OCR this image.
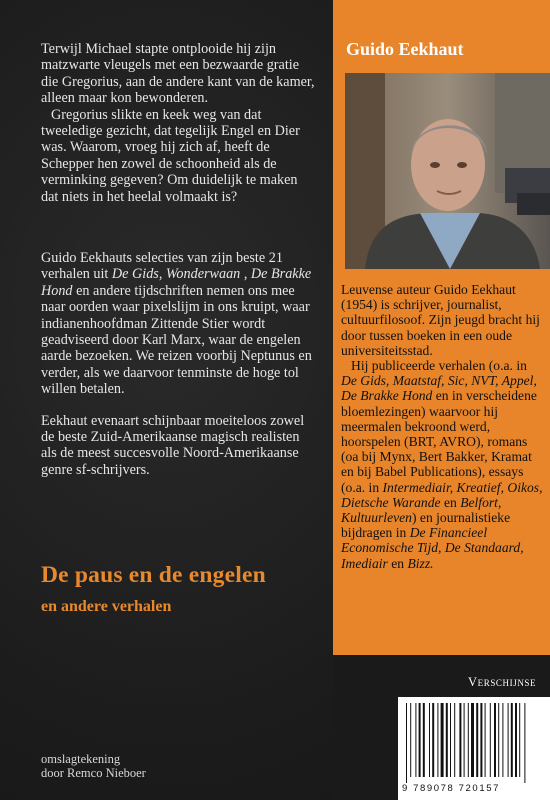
Terwijl Michael stapte ontplooide hij zijn matzwarte vleugels met een bezwaarde gratie die Gregorius, aan de andere kant van de kamer, alleen maar kon bewonderen.

Gregorius slikte en keek weg van dat tweeledige gezicht, dat tegelijk Engel en Dier was. Waarom, vroeg hij zich af, heeft de Schepper hen zowel de schoonheid als de verminking gegeven? Om duidelijk te maken dat niets in het heelal volmaakt is?

Guido Eekhauts selecties van zijn beste 21 verhalen uit De Gids, Wonderwaan , De Brakke Hond en andere tijdschriften nemen ons mee naar oorden waar pixelslijm in ons kruipt, waar indianenhoofdman Zittende Stier wordt geadviseerd door Karl Marx, waar de engelen aarde bezoeken. We reizen voorbij Neptunus en verder, als we daarvoor tenminste de hoge tol willen betalen.

Eekhaut evenaart schijnbaar moeiteloos zowel de beste Zuid-Amerikaanse magisch realisten als de meest succesvolle Noord-Amerikaanse genre sf-schrijvers.

De paus en de engelen
en andere verhalen
omslagtekening
door Remco Nieboer
Guido Eekhaut

Leuvense auteur Guido Eekhaut (1954) is schrijver, journalist, cultuurfilosoof. Zijn jeugd bracht hij door tussen boeken in een oude universiteitsstad.

Hij publiceerde verhalen (o.a. in De Gids, Maatstaf, Sic, NVT, Appel, De Brakke Hond en in verscheidene bloemlezingen) waarvoor hij meermalen bekroond werd, hoorspelen (BRT, AVRO), romans (oa bij Mynx, Bert Bakker, Kramat en bij Babel Publications), essays (o.a. in Intermediair, Kreatief, Oikos, Dietsche Warande en Belfort, Kultuurleven) en journalistieke bijdragen in De Financieel Economische Tijd, De Standaard, Imediair en Bizz.

Verschijnse
9 789078 720157
